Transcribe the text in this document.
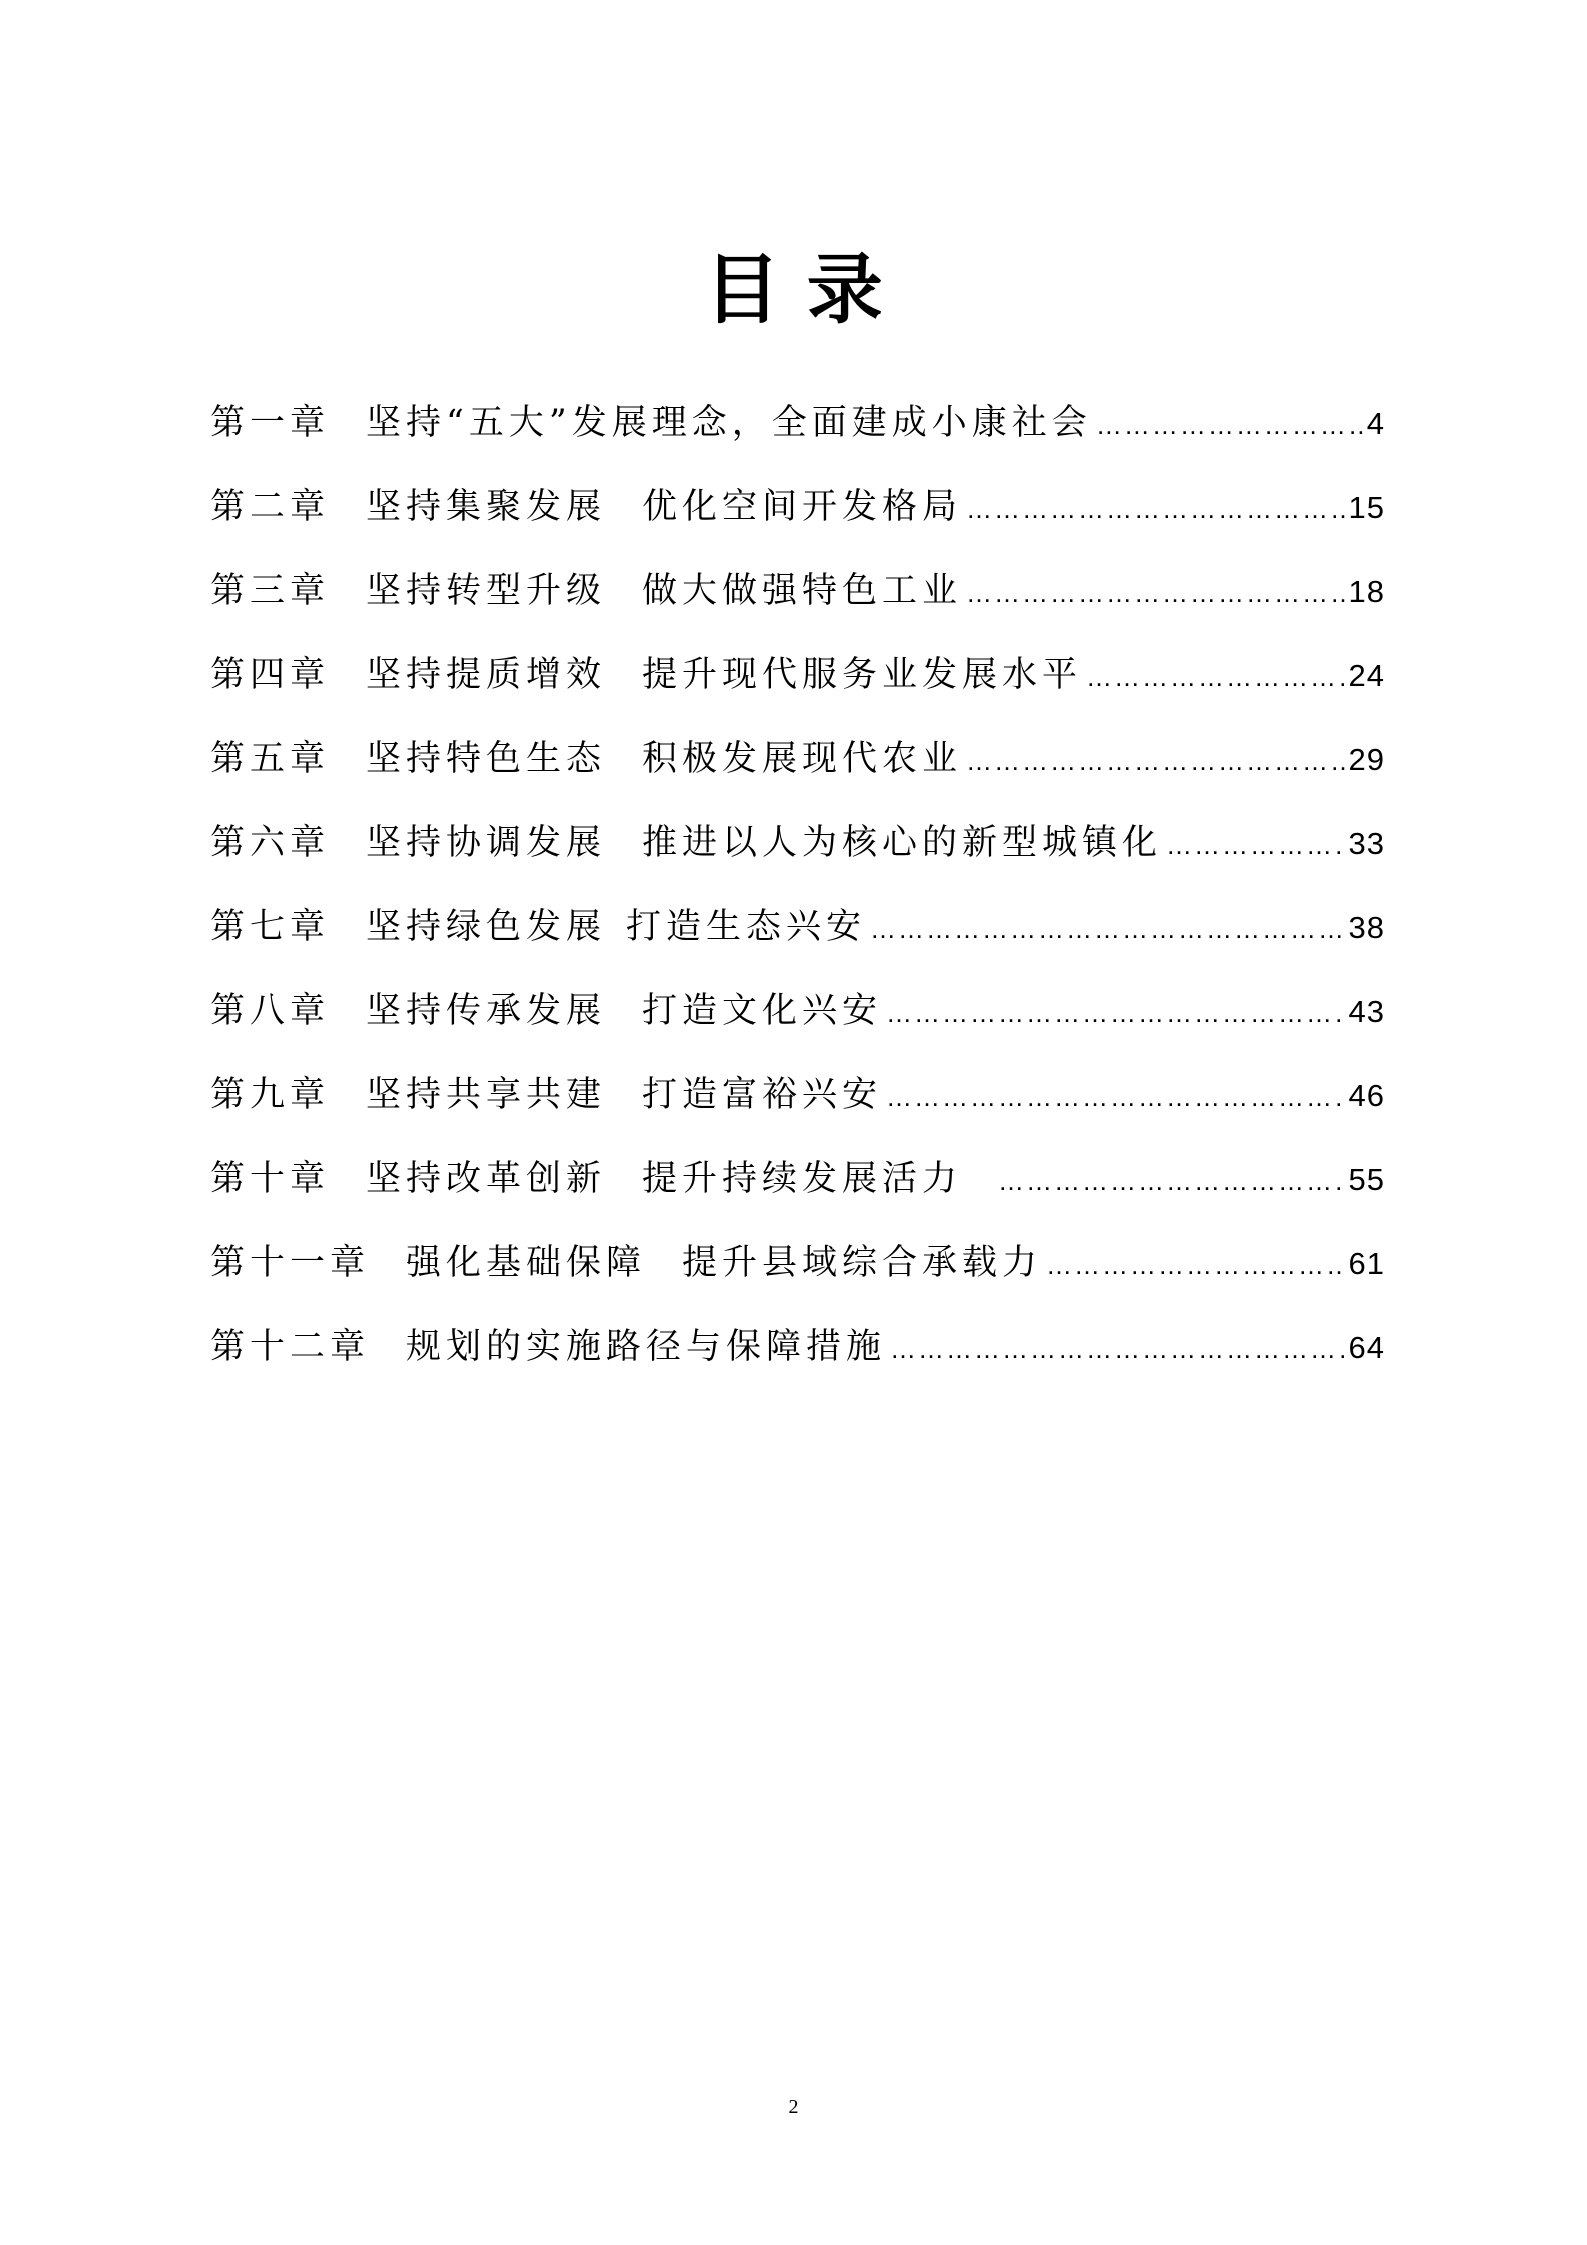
目 录
第一章 坚持“五大”发展理念，全面建成小康社会 …………………………………………………………………………………………………………………………………………………………	4
第二章 坚持集聚发展 优化空间开发格局 …………………………………………………………………………………………………………………………………………………………	15
第三章 坚持转型升级 做大做强特色工业 …………………………………………………………………………………………………………………………………………………………	18
第四章 坚持提质增效 提升现代服务业发展水平 …………………………………………………………………………………………………………………………………………………………	24
第五章 坚持特色生态 积极发展现代农业 …………………………………………………………………………………………………………………………………………………………	29
第六章 坚持协调发展 推进以人为核心的新型城镇化 …………………………………………………………………………………………………………………………………………………………	33
第七章 坚持绿色发展 打造生态兴安 …………………………………………………………………………………………………………………………………………………………	38
第八章 坚持传承发展 打造文化兴安 …………………………………………………………………………………………………………………………………………………………	43
第九章 坚持共享共建 打造富裕兴安 …………………………………………………………………………………………………………………………………………………………	46
第十章 坚持改革创新 提升持续发展活力 …………………………………………………………………………………………………………………………………………………………	55
第十一章 强化基础保障 提升县域综合承载力 …………………………………………………………………………………………………………………………………………………………	61
第十二章 规划的实施路径与保障措施 …………………………………………………………………………………………………………………………………………………………	64
2
